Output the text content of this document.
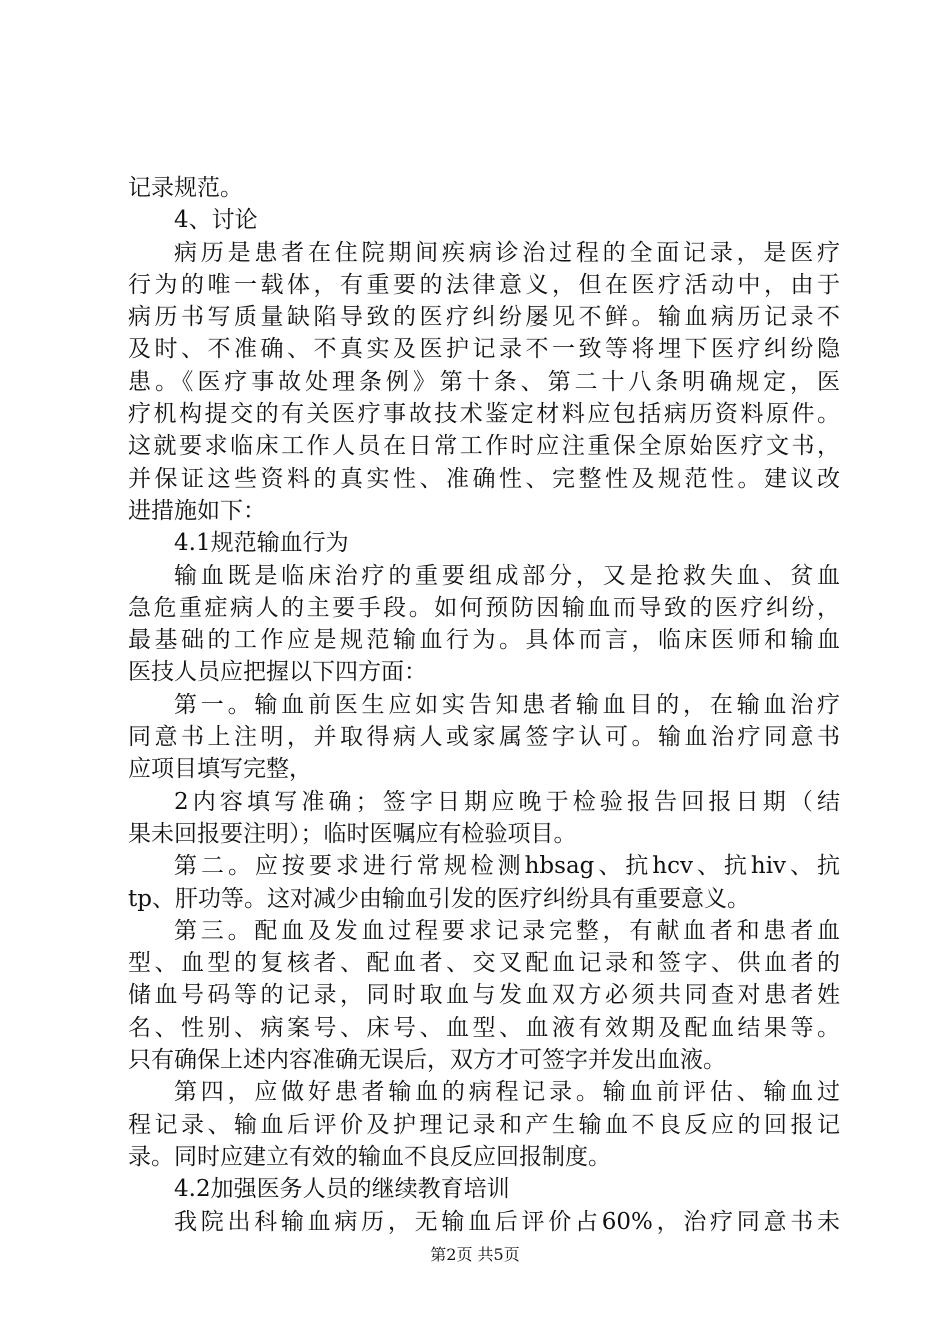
记录规范。
4、讨论
病历是患者在住院期间疾病诊治过程的全面记录，是医疗
行为的唯一载体，有重要的法律意义，但在医疗活动中，由于
病历书写质量缺陷导致的医疗纠纷屡见不鲜。输血病历记录不
及时、不准确、不真实及医护记录不一致等将埋下医疗纠纷隐
患。《医疗事故处理条例》第十条、第二十八条明确规定，医
疗机构提交的有关医疗事故技术鉴定材料应包括病历资料原件。
这就要求临床工作人员在日常工作时应注重保全原始医疗文书，
并保证这些资料的真实性、准确性、完整性及规范性。建议改
进措施如下：
4.1规范输血行为
输血既是临床治疗的重要组成部分，又是抢救失血、贫血
急危重症病人的主要手段。如何预防因输血而导致的医疗纠纷，
最基础的工作应是规范输血行为。具体而言，临床医师和输血
医技人员应把握以下四方面：
第一。输血前医生应如实告知患者输血目的，在输血治疗
同意书上注明，并取得病人或家属签字认可。输血治疗同意书
应项目填写完整，
2内容填写准确；签字日期应晚于检验报告回报日期（结
果未回报要注明）；临时医嘱应有检验项目。
第二。应按要求进行常规检测hbsag、抗hcv、抗hiv、抗
tp、肝功等。这对减少由输血引发的医疗纠纷具有重要意义。
第三。配血及发血过程要求记录完整，有献血者和患者血
型、血型的复核者、配血者、交叉配血记录和签字、供血者的
储血号码等的记录，同时取血与发血双方必须共同查对患者姓
名、性别、病案号、床号、血型、血液有效期及配血结果等。
只有确保上述内容准确无误后，双方才可签字并发出血液。
第四，应做好患者输血的病程记录。输血前评估、输血过
程记录、输血后评价及护理记录和产生输血不良反应的回报记
录。同时应建立有效的输血不良反应回报制度。
4.2加强医务人员的继续教育培训
我院出科输血病历，无输血后评价占60%，治疗同意书未
第2页 共5页
